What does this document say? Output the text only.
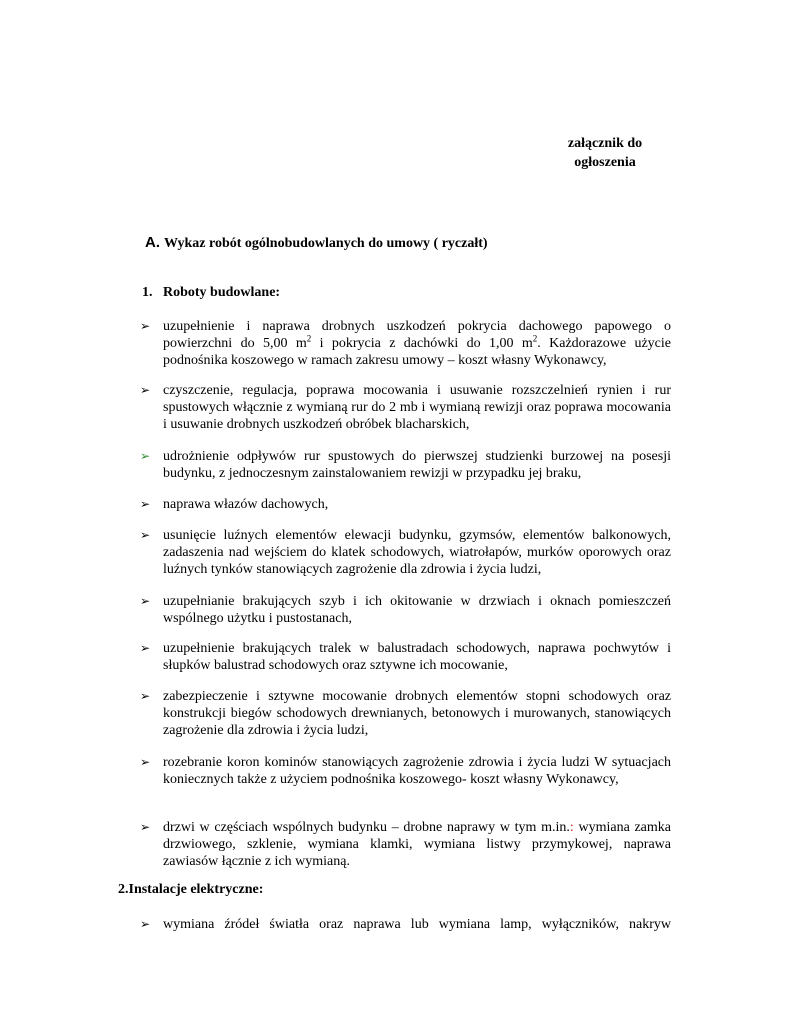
załącznik do
ogłoszenia
A. Wykaz robót ogólnobudowlanych do umowy ( ryczałt)
1. Roboty budowlane:
➢ uzupełnienie i naprawa drobnych uszkodzeń pokrycia dachowego papowego o powierzchni do 5,00 $m^2$ i pokrycia z dachówki do 1,00 $m^2$. Każdorazowe użycie podnośnika koszowego w ramach zakresu umowy – koszt własny Wykonawcy,
➢ czyszczenie, regulacja, poprawa mocowania i usuwanie rozszczelnień rynien i rur spustowych włącznie z wymianą rur do 2 mb i wymianą rewizji oraz poprawa mocowania i usuwanie drobnych uszkodzeń obróbek blacharskich,
➢ udrożnienie odpływów rur spustowych do pierwszej studzienki burzowej na posesji budynku, z jednoczesnym zainstalowaniem rewizji w przypadku jej braku,
➢ naprawa włazów dachowych,
➢ usunięcie luźnych elementów elewacji budynku, gzymsów, elementów balkonowych, zadaszenia nad wejściem do klatek schodowych, wiatrołapów, murków oporowych oraz luźnych tynków stanowiących zagrożenie dla zdrowia i życia ludzi,
➢ uzupełnianie brakujących szyb i ich okitowanie w drzwiach i oknach pomieszczeń wspólnego użytku i pustostanach,
➢ uzupełnienie brakujących tralek w balustradach schodowych, naprawa pochwytów i słupków balustrad schodowych oraz sztywne ich mocowanie,
➢ zabezpieczenie i sztywne mocowanie drobnych elementów stopni schodowych oraz konstrukcji biegów schodowych drewnianych, betonowych i murowanych, stanowiących zagrożenie dla zdrowia i życia ludzi,
➢ rozebranie koron kominów stanowiących zagrożenie zdrowia i życia ludzi W sytuacjach koniecznych także z użyciem podnośnika koszowego- koszt własny Wykonawcy,
➢ drzwi w częściach wspólnych budynku – drobne naprawy w tym m.in.: wymiana zamka drzwiowego, szklenie, wymiana klamki, wymiana listwy przymykowej, naprawa zawiasów łącznie z ich wymianą.
2.Instalacje elektryczne:
➢ wymiana źródeł światła oraz naprawa lub wymiana lamp, wyłączników, nakryw
